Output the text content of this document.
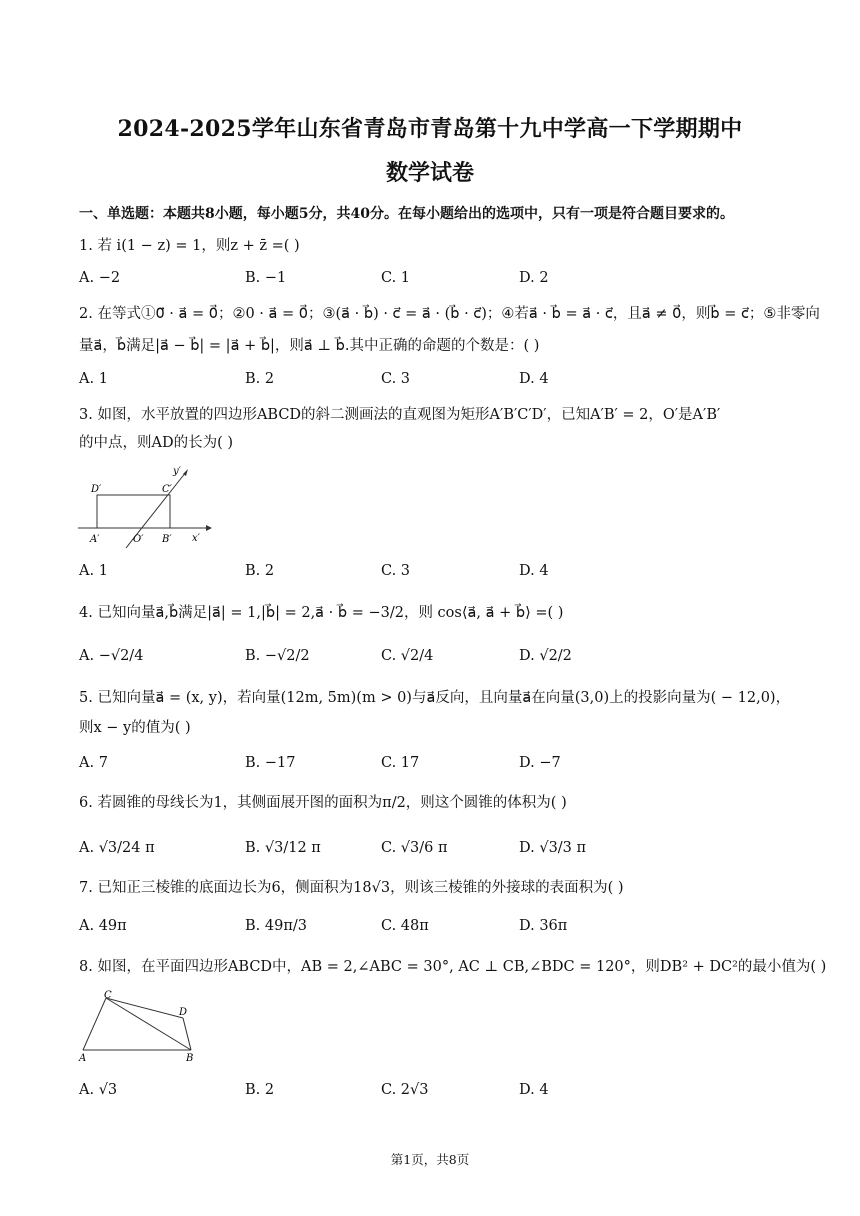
2024-2025学年山东省青岛市青岛第十九中学高一下学期期中
数学试卷
一、单选题：本题共8小题，每小题5分，共40分。在每小题给出的选项中，只有一项是符合题目要求的。
1. 若 i(1 − z) = 1，则z + z̄ =( )
A. −2	B. −1	C. 1	D. 2
2. 在等式①0⃗ · a⃗ = 0⃗；②0 · a⃗ = 0⃗；③(a⃗ · b⃗) · c⃗ = a⃗ · (b⃗ · c⃗)；④若a⃗ · b⃗ = a⃗ · c⃗，且a⃗ ≠ 0⃗，则b⃗ = c⃗；⑤非零向
量a⃗，b⃗满足|a⃗ − b⃗| = |a⃗ + b⃗|，则a⃗ ⊥ b⃗.其中正确的命题的个数是：( )
A. 1	B. 2	C. 3	D. 4
3. 如图，水平放置的四边形ABCD的斜二测画法的直观图为矩形A′B′C′D′，已知A′B′ = 2，O′是A′B′
的中点，则AD的长为( )
D′	C′
y′
A′	O′ B′ x′
A. 1	B. 2	C. 3	D. 4
4. 已知向量a⃗,b⃗满足|a⃗| = 1,|b⃗| = 2,a⃗ · b⃗ = −3/2，则 cos⟨a⃗, a⃗ + b⃗⟩ =( )
A. −√2/4	B. −√2/2	C. √2/4	D. √2/2
5. 已知向量a⃗ = (x, y)，若向量(12m, 5m)(m > 0)与a⃗反向，且向量a⃗在向量(3,0)上的投影向量为( − 12,0)，
则x − y的值为( )
A. 7	B. −17	C. 17	D. −7
6. 若圆锥的母线长为1，其侧面展开图的面积为π/2，则这个圆锥的体积为( )
A. √3/24 π	B. √3/12 π	C. √3/6 π	D. √3/3 π
7. 已知正三棱锥的底面边长为6，侧面积为18√3，则该三棱锥的外接球的表面积为( )
A. 49π	B. 49π/3	C. 48π	D. 36π
8. 如图，在平面四边形ABCD中，AB = 2,∠ABC = 30°, AC ⊥ CB,∠BDC = 120°，则DB² + DC²的最小值为( )
C
D
A	B
A. √3	B. 2	C. 2√3	D. 4
第1页，共8页
